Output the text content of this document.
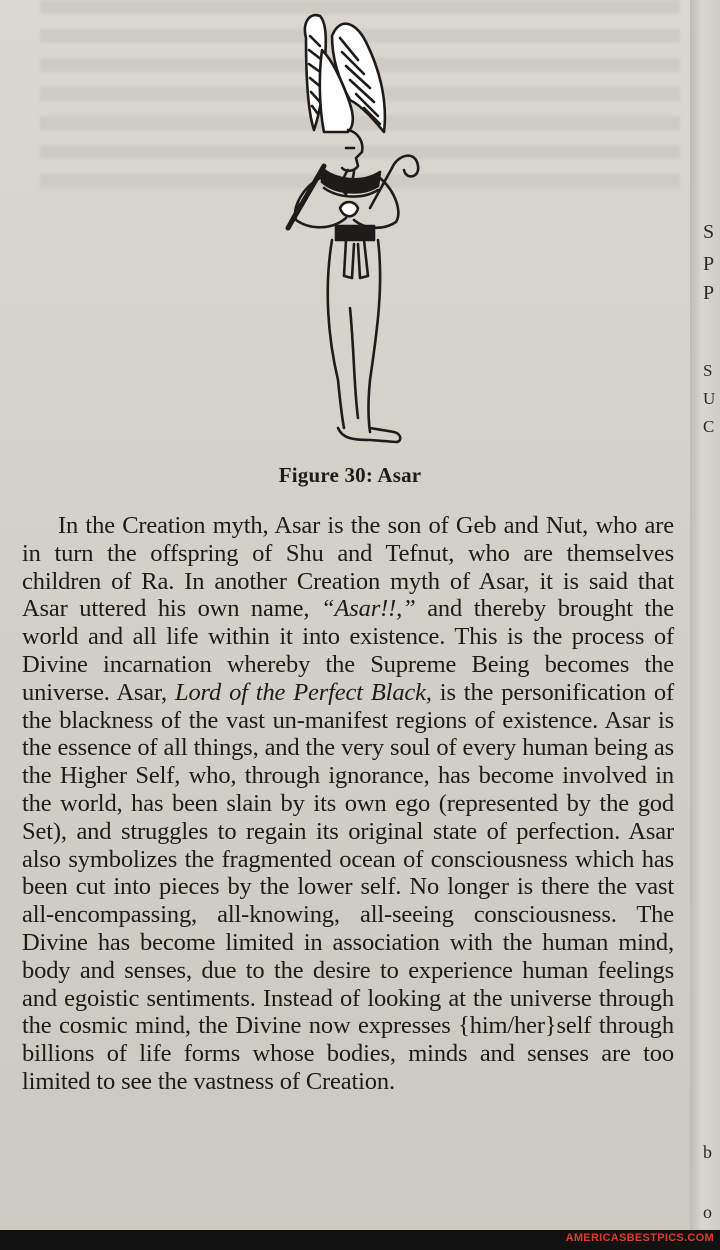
Figure 30: Asar

In the Creation myth, Asar is the son of Geb and Nut, who are in turn the offspring of Shu and Tefnut, who are themselves children of Ra. In another Creation myth of Asar, it is said that Asar uttered his own name, “Asar!!,” and thereby brought the world and all life within it into existence. This is the process of Divine incarnation whereby the Supreme Being becomes the universe. Asar, Lord of the Perfect Black, is the personification of the blackness of the vast un-manifest regions of existence. Asar is the essence of all things, and the very soul of every human being as the Higher Self, who, through ignorance, has become involved in the world, has been slain by its own ego (represented by the god Set), and struggles to regain its original state of perfection. Asar also symbolizes the fragmented ocean of consciousness which has been cut into pieces by the lower self. No longer is there the vast all-encompassing, all-knowing, all-seeing consciousness. The Divine has become limited in association with the human mind, body and senses, due to the desire to experience human feelings and egoistic sentiments. Instead of looking at the universe through the cosmic mind, the Divine now expresses {him/her}self through billions of life forms whose bodies, minds and senses are too limited to see the vastness of Creation.

S
P
P
S
U
C
b
o
AMERICASBESTPICS.COM
